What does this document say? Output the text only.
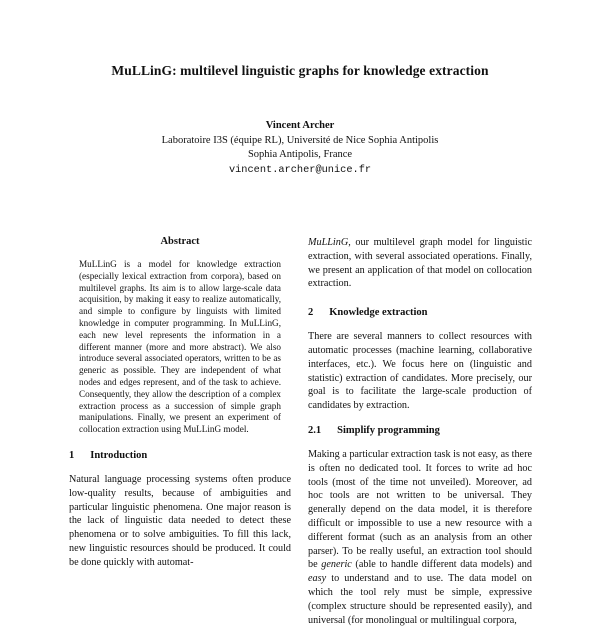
MuLLinG: multilevel linguistic graphs for knowledge extraction
Vincent Archer
Laboratoire I3S (équipe RL), Université de Nice Sophia Antipolis
Sophia Antipolis, France
vincent.archer@unice.fr
Abstract

MuLLinG is a model for knowledge extraction (especially lexical extraction from corpora), based on multilevel graphs. Its aim is to allow large-scale data acquisition, by making it easy to realize automatically, and simple to configure by linguists with limited knowledge in computer programming. In MuLLinG, each new level represents the information in a different manner (more and more abstract). We also introduce several associated operators, written to be as generic as possible. They are independent of what nodes and edges represent, and of the task to achieve. Consequently, they allow the description of a complex extraction process as a succession of simple graph manipulations. Finally, we present an experiment of collocation extraction using MuLLinG model.

1 Introduction

Natural language processing systems often produce low-quality results, because of ambiguities and particular linguistic phenomena. One major reason is the lack of linguistic data needed to detect these phenomena or to solve ambiguities. To fill this lack, new linguistic resources should be produced. It could be done quickly with automat-

MuLLinG, our multilevel graph model for linguistic extraction, with several associated operations. Finally, we present an application of that model on collocation extraction.

2 Knowledge extraction

There are several manners to collect resources with automatic processes (machine learning, collaborative interfaces, etc.). We focus here on (linguistic and statistic) extraction of candidates. More precisely, our goal is to facilitate the large-scale production of candidates by extraction.

2.1 Simplify programming

Making a particular extraction task is not easy, as there is often no dedicated tool. It forces to write ad hoc tools (most of the time not unveiled). Moreover, ad hoc tools are not written to be universal. They generally depend on the data model, it is therefore difficult or impossible to use a new resource with a different format (such as an analysis from an other parser). To be really useful, an extraction tool should be generic (able to handle different data models) and easy to understand and to use. The data model on which the tool rely must be simple, expressive (complex structure should be represented easily), and universal (for monolingual or multilingual corpora,
